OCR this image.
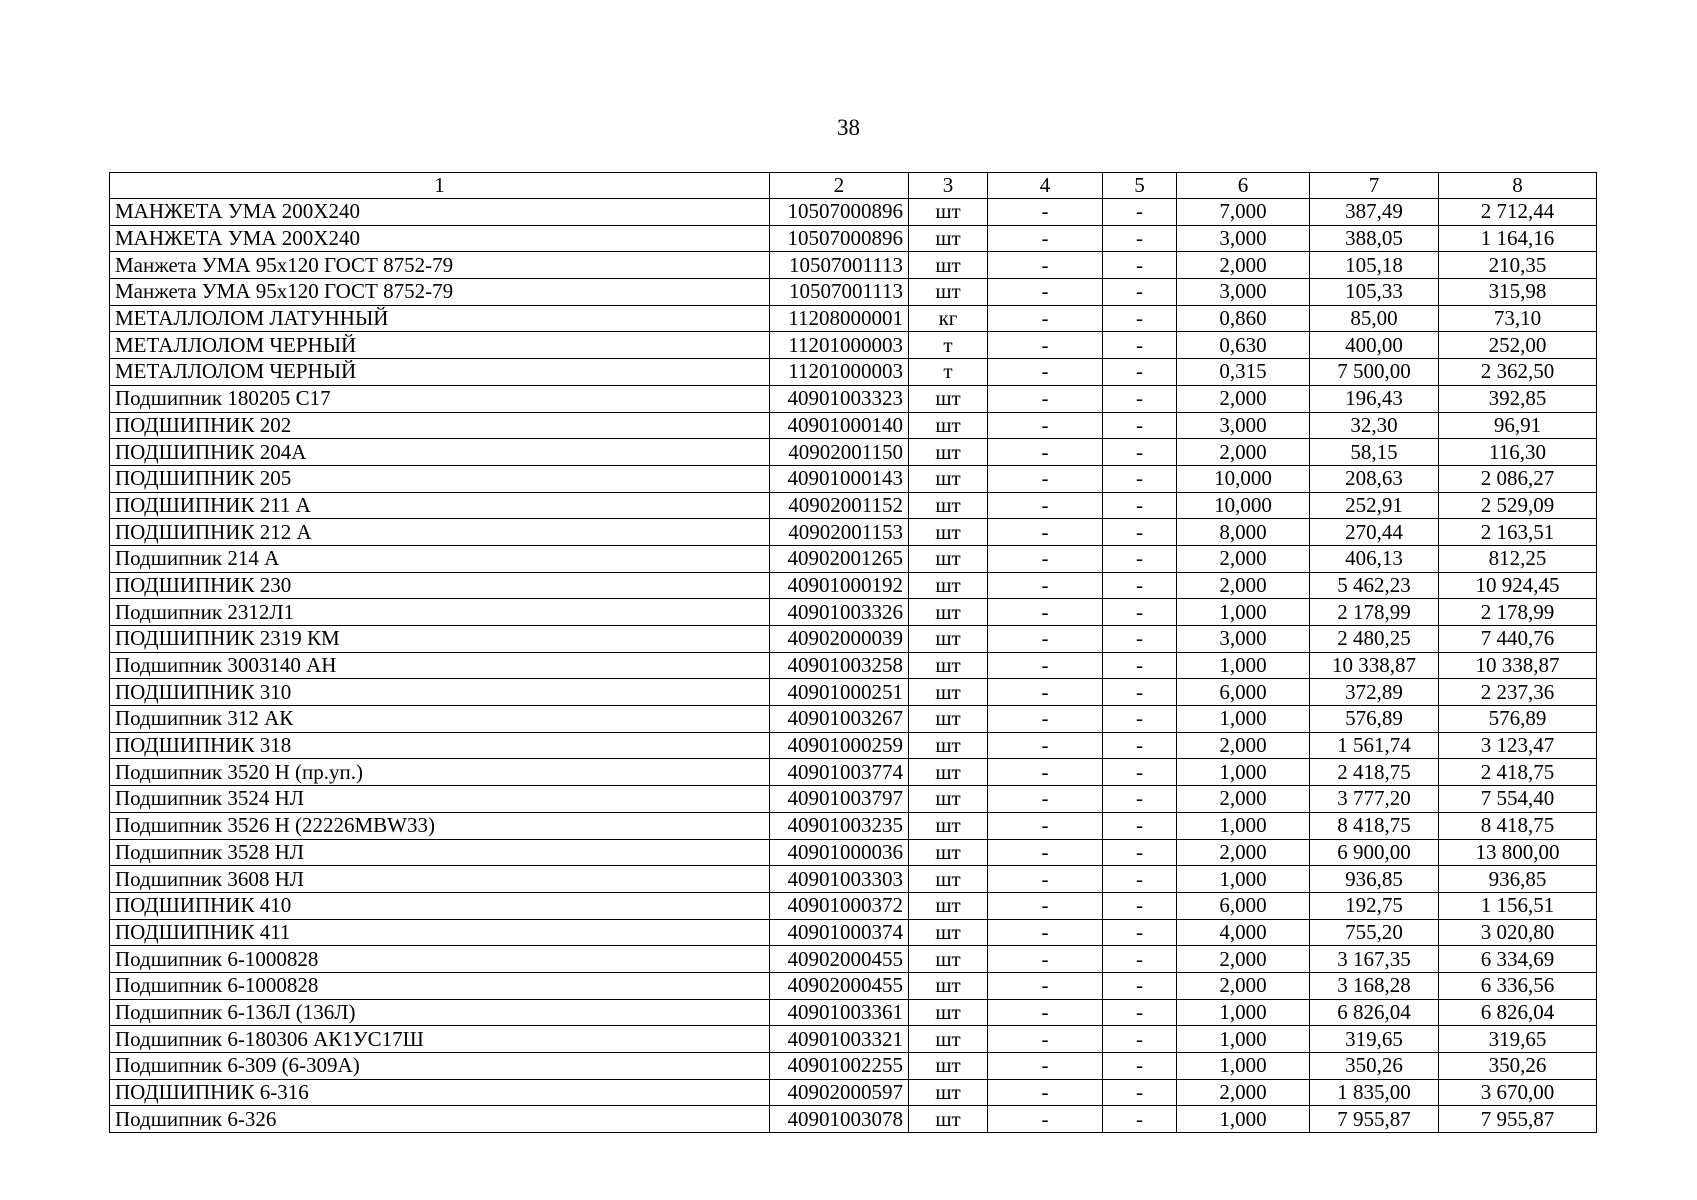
38
1	2	3	4	5	6	7	8
МАНЖЕТА УМА 200Х240	10507000896	шт	-	-	7,000	387,49	2 712,44
МАНЖЕТА УМА 200Х240	10507000896	шт	-	-	3,000	388,05	1 164,16
Манжета УМА 95х120 ГОСТ 8752-79	10507001113	шт	-	-	2,000	105,18	210,35
Манжета УМА 95х120 ГОСТ 8752-79	10507001113	шт	-	-	3,000	105,33	315,98
МЕТАЛЛОЛОМ ЛАТУННЫЙ	11208000001	кг	-	-	0,860	85,00	73,10
МЕТАЛЛОЛОМ ЧЕРНЫЙ	11201000003	т	-	-	0,630	400,00	252,00
МЕТАЛЛОЛОМ ЧЕРНЫЙ	11201000003	т	-	-	0,315	7 500,00	2 362,50
Подшипник 180205 С17	40901003323	шт	-	-	2,000	196,43	392,85
ПОДШИПНИК 202	40901000140	шт	-	-	3,000	32,30	96,91
ПОДШИПНИК 204А	40902001150	шт	-	-	2,000	58,15	116,30
ПОДШИПНИК 205	40901000143	шт	-	-	10,000	208,63	2 086,27
ПОДШИПНИК 211 А	40902001152	шт	-	-	10,000	252,91	2 529,09
ПОДШИПНИК 212 А	40902001153	шт	-	-	8,000	270,44	2 163,51
Подшипник 214 А	40902001265	шт	-	-	2,000	406,13	812,25
ПОДШИПНИК 230	40901000192	шт	-	-	2,000	5 462,23	10 924,45
Подшипник 2312Л1	40901003326	шт	-	-	1,000	2 178,99	2 178,99
ПОДШИПНИК 2319 КМ	40902000039	шт	-	-	3,000	2 480,25	7 440,76
Подшипник 3003140 АН	40901003258	шт	-	-	1,000	10 338,87	10 338,87
ПОДШИПНИК 310	40901000251	шт	-	-	6,000	372,89	2 237,36
Подшипник 312 АК	40901003267	шт	-	-	1,000	576,89	576,89
ПОДШИПНИК 318	40901000259	шт	-	-	2,000	1 561,74	3 123,47
Подшипник 3520 Н (пр.уп.)	40901003774	шт	-	-	1,000	2 418,75	2 418,75
Подшипник 3524 НЛ	40901003797	шт	-	-	2,000	3 777,20	7 554,40
Подшипник 3526 Н (22226MBW33)	40901003235	шт	-	-	1,000	8 418,75	8 418,75
Подшипник 3528 НЛ	40901000036	шт	-	-	2,000	6 900,00	13 800,00
Подшипник 3608 НЛ	40901003303	шт	-	-	1,000	936,85	936,85
ПОДШИПНИК 410	40901000372	шт	-	-	6,000	192,75	1 156,51
ПОДШИПНИК 411	40901000374	шт	-	-	4,000	755,20	3 020,80
Подшипник 6-1000828	40902000455	шт	-	-	2,000	3 167,35	6 334,69
Подшипник 6-1000828	40902000455	шт	-	-	2,000	3 168,28	6 336,56
Подшипник 6-136Л (136Л)	40901003361	шт	-	-	1,000	6 826,04	6 826,04
Подшипник 6-180306 АК1УС17Ш	40901003321	шт	-	-	1,000	319,65	319,65
Подшипник 6-309 (6-309А)	40901002255	шт	-	-	1,000	350,26	350,26
ПОДШИПНИК 6-316	40902000597	шт	-	-	2,000	1 835,00	3 670,00
Подшипник 6-326	40901003078	шт	-	-	1,000	7 955,87	7 955,87
